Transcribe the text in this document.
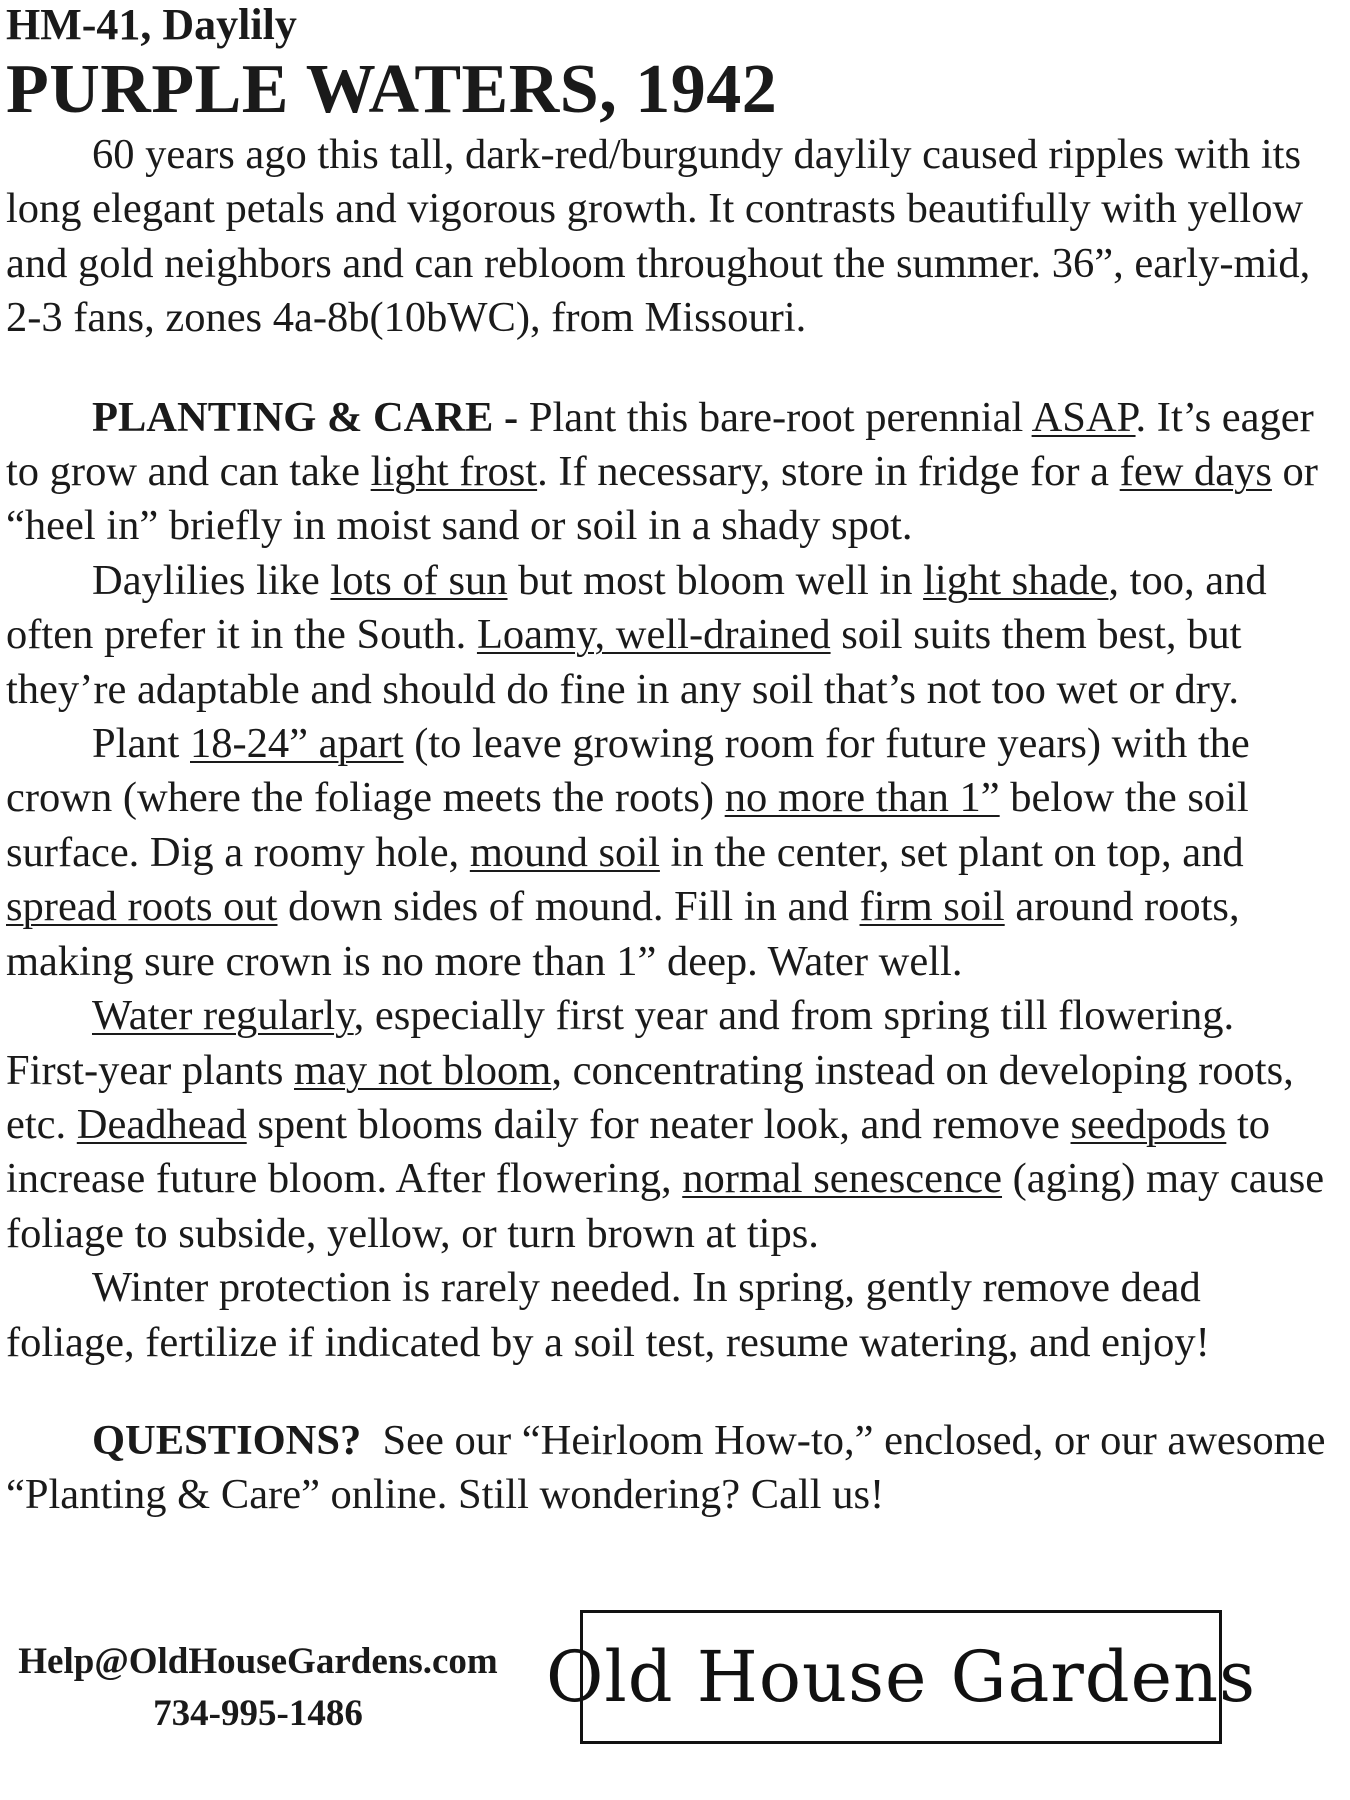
HM-41, Daylily

PURPLE WATERS, 1942

60 years ago this tall, dark-red/burgundy daylily caused ripples with its long elegant petals and vigorous growth. It contrasts beautifully with yellow and gold neighbors and can rebloom throughout the summer. 36”, early-mid, 2-3 fans, zones 4a-8b(10bWC), from Missouri.

PLANTING & CARE - Plant this bare-root perennial ASAP. It’s eager to grow and can take light frost. If necessary, store in fridge for a few days or “heel in” briefly in moist sand or soil in a shady spot.

Daylilies like lots of sun but most bloom well in light shade, too, and often prefer it in the South. Loamy, well-drained soil suits them best, but they’re adaptable and should do fine in any soil that’s not too wet or dry.

Plant 18-24” apart (to leave growing room for future years) with the crown (where the foliage meets the roots) no more than 1” below the soil surface. Dig a roomy hole, mound soil in the center, set plant on top, and spread roots out down sides of mound. Fill in and firm soil around roots, making sure crown is no more than 1” deep. Water well.

Water regularly, especially first year and from spring till flowering. First-year plants may not bloom, concentrating instead on developing roots, etc. Deadhead spent blooms daily for neater look, and remove seedpods to increase future bloom. After flowering, normal senescence (aging) may cause foliage to subside, yellow, or turn brown at tips.

Winter protection is rarely needed. In spring, gently remove dead foliage, fertilize if indicated by a soil test, resume watering, and enjoy!

QUESTIONS?  See our “Heirloom How-to,” enclosed, or our awesome “Planting & Care” online. Still wondering? Call us!

Help@OldHouseGardens.com
734-995-1486	Old House Gardens
